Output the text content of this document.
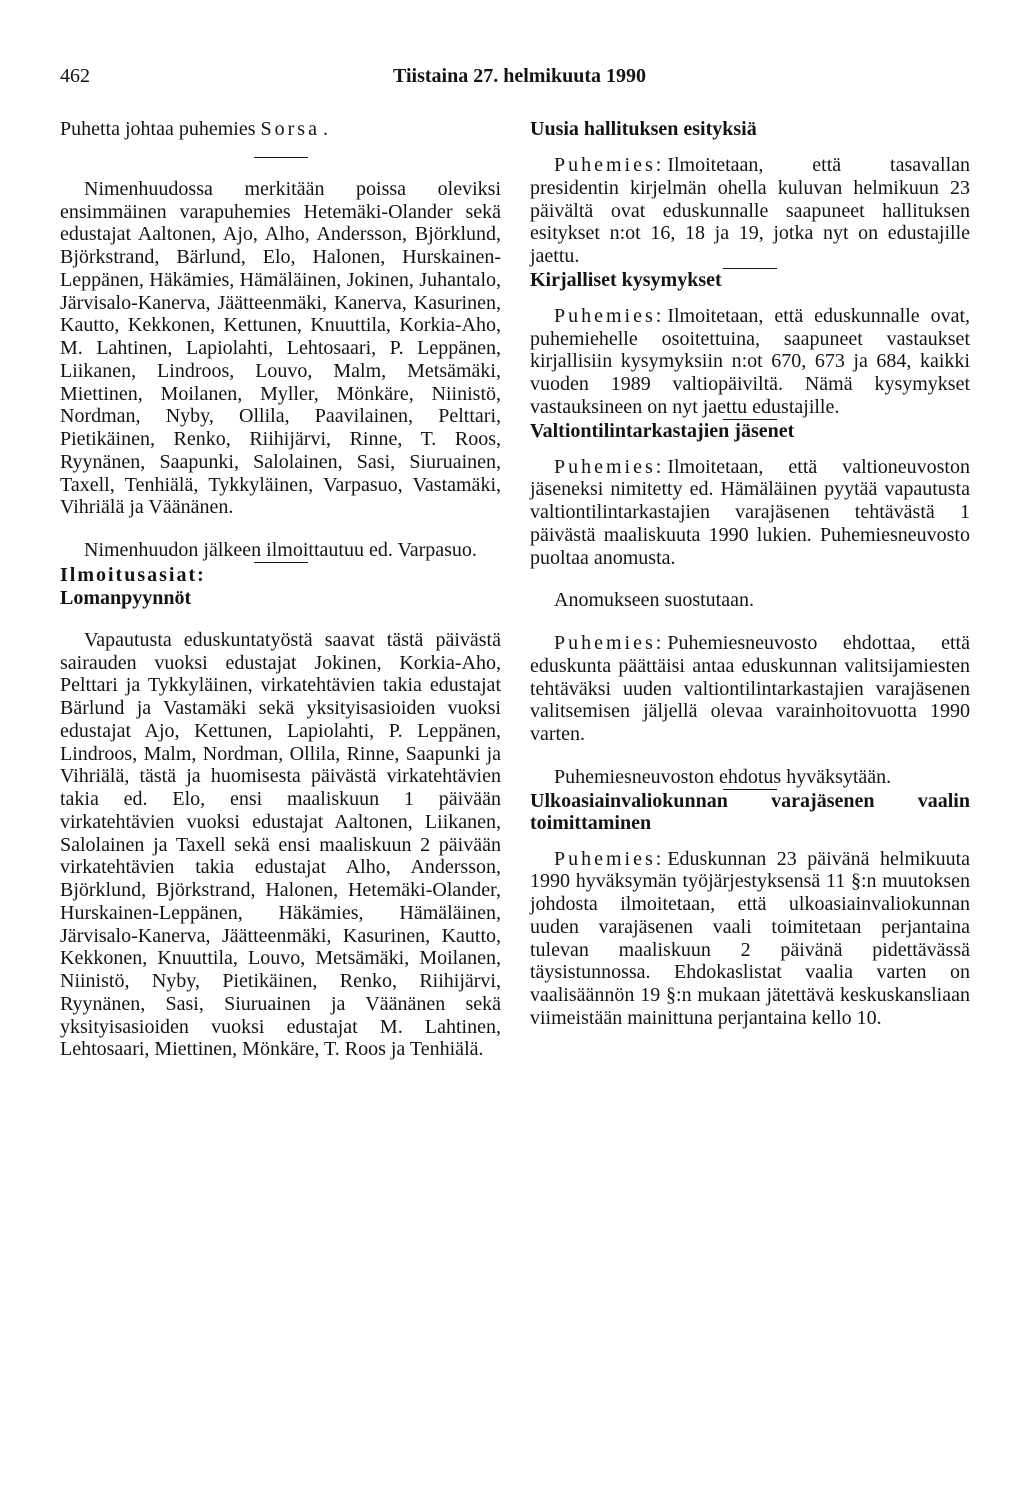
462	Tiistaina 27. helmikuuta 1990

Puhetta johtaa puhemies Sorsa .

Nimenhuudossa merkitään poissa oleviksi ensimmäinen varapuhemies Hetemäki-Olander sekä edustajat Aaltonen, Ajo, Alho, Andersson, Björklund, Björkstrand, Bärlund, Elo, Halonen, Hurskainen-Leppänen, Häkämies, Hämäläinen, Jokinen, Juhantalo, Järvisalo-Kanerva, Jäätteenmäki, Kanerva, Kasurinen, Kautto, Kekkonen, Kettunen, Knuuttila, Korkia-Aho, M. Lahtinen, Lapiolahti, Lehtosaari, P. Leppänen, Liikanen, Lindroos, Louvo, Malm, Metsämäki, Miettinen, Moilanen, Myller, Mönkäre, Niinistö, Nordman, Nyby, Ollila, Paavilainen, Pelttari, Pietikäinen, Renko, Riihijärvi, Rinne, T. Roos, Ryynänen, Saapunki, Salolainen, Sasi, Siuruainen, Taxell, Tenhiälä, Tykkyläinen, Varpasuo, Vastamäki, Vihriälä ja Väänänen.

Nimenhuudon jälkeen ilmoittautuu ed. Varpasuo.

Ilmoitusasiat:
Lomanpyynnöt

Vapautusta eduskuntatyöstä saavat tästä päivästä sairauden vuoksi edustajat Jokinen, Korkia-Aho, Pelttari ja Tykkyläinen, virkatehtävien takia edustajat Bärlund ja Vastamäki sekä yksityisasioiden vuoksi edustajat Ajo, Kettunen, Lapiolahti, P. Leppänen, Lindroos, Malm, Nordman, Ollila, Rinne, Saapunki ja Vihriälä, tästä ja huomisesta päivästä virkatehtävien takia ed. Elo, ensi maaliskuun 1 päivään virkatehtävien vuoksi edustajat Aaltonen, Liikanen, Salolainen ja Taxell sekä ensi maaliskuun 2 päivään virkatehtävien takia edustajat Alho, Andersson, Björklund, Björkstrand, Halonen, Hetemäki-Olander, Hurskainen-Leppänen, Häkämies, Hämäläinen, Järvisalo-Kanerva, Jäätteenmäki, Kasurinen, Kautto, Kekkonen, Knuuttila, Louvo, Metsämäki, Moilanen, Niinistö, Nyby, Pietikäinen, Renko, Riihijärvi, Ryynänen, Sasi, Siuruainen ja Väänänen sekä yksityisasioiden vuoksi edustajat M. Lahtinen, Lehtosaari, Miettinen, Mönkäre, T. Roos ja Tenhiälä.

Uusia hallituksen esityksiä

Puhemies: Ilmoitetaan, että tasavallan presidentin kirjelmän ohella kuluvan helmikuun 23 päivältä ovat eduskunnalle saapuneet hallituksen esitykset n:ot 16, 18 ja 19, jotka nyt on edustajille jaettu.

Kirjalliset kysymykset

Puhemies: Ilmoitetaan, että eduskunnalle ovat, puhemiehelle osoitettuina, saapuneet vastaukset kirjallisiin kysymyksiin n:ot 670, 673 ja 684, kaikki vuoden 1989 valtiopäiviltä. Nämä kysymykset vastauksineen on nyt jaettu edustajille.

Valtiontilintarkastajien jäsenet

Puhemies: Ilmoitetaan, että valtioneuvoston jäseneksi nimitetty ed. Hämäläinen pyytää vapautusta valtiontilintarkastajien varajäsenen tehtävästä 1 päivästä maaliskuuta 1990 lukien. Puhemiesneuvosto puoltaa anomusta.

Anomukseen suostutaan.

Puhemies: Puhemiesneuvosto ehdottaa, että eduskunta päättäisi antaa eduskunnan valitsijamiesten tehtäväksi uuden valtiontilintarkastajien varajäsenen valitsemisen jäljellä olevaa varainhoitovuotta 1990 varten.

Puhemiesneuvoston ehdotus hyväksytään.

Ulkoasiainvaliokunnan varajäsenen vaalin toimittaminen

Puhemies: Eduskunnan 23 päivänä helmikuuta 1990 hyväksymän työjärjestyksensä 11 §:n muutoksen johdosta ilmoitetaan, että ulkoasiainvaliokunnan uuden varajäsenen vaali toimitetaan perjantaina tulevan maaliskuun 2 päivänä pidettävässä täysistunnossa. Ehdokaslistat vaalia varten on vaalisäännön 19 §:n mukaan jätettävä keskuskansliaan viimeistään mainittuna perjantaina kello 10.
